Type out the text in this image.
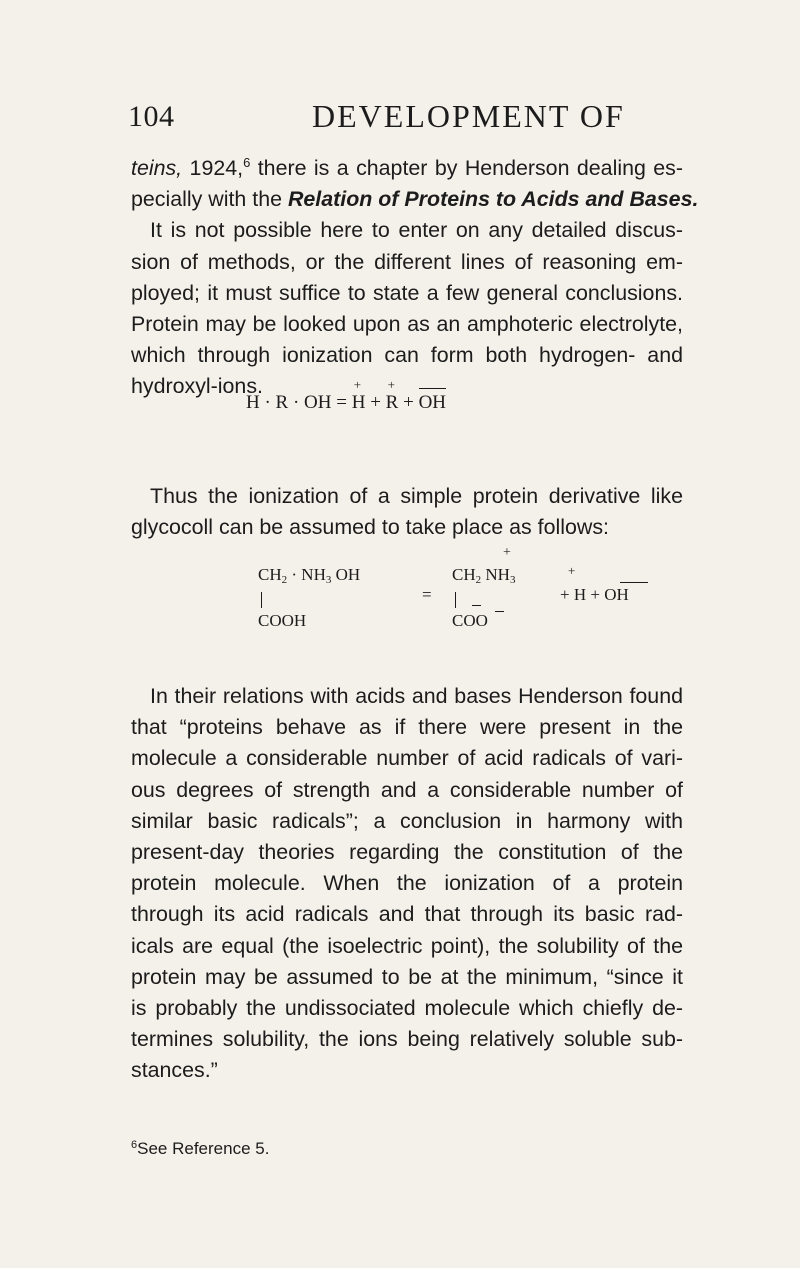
104	DEVELOPMENT OF
teins, 1924,$^6$ there is a chapter by Henderson dealing es-
pecially with the Relation of Proteins to Acids and Bases.
It is not possible here to enter on any detailed discus-
sion of methods, or the different lines of reasoning em-
ployed; it must suffice to state a few general conclusions.
Protein may be looked upon as an amphoteric electrolyte,
which through ionization can form both hydrogen- and
hydroxyl-ions.
H · R · OH =
+
H +
+
R +
OH
Thus the ionization of a simple protein derivative like
glycocoll can be assumed to take place as follows:
$CH_2 \cdot NH_3$ OH
COOH
=
$CH_2$ $NH_3$
+
COO
+
+ H + OH
In their relations with acids and bases Henderson found
that “proteins behave as if there were present in the
molecule a considerable number of acid radicals of vari-
ous degrees of strength and a considerable number of
similar basic radicals”; a conclusion in harmony with
present-day theories regarding the constitution of the
protein molecule. When the ionization of a protein
through its acid radicals and that through its basic rad-
icals are equal (the isoelectric point), the solubility of the
protein may be assumed to be at the minimum, “since it
is probably the undissociated molecule which chiefly de-
termines solubility, the ions being relatively soluble sub-
stances.”
$^6$See Reference 5.
